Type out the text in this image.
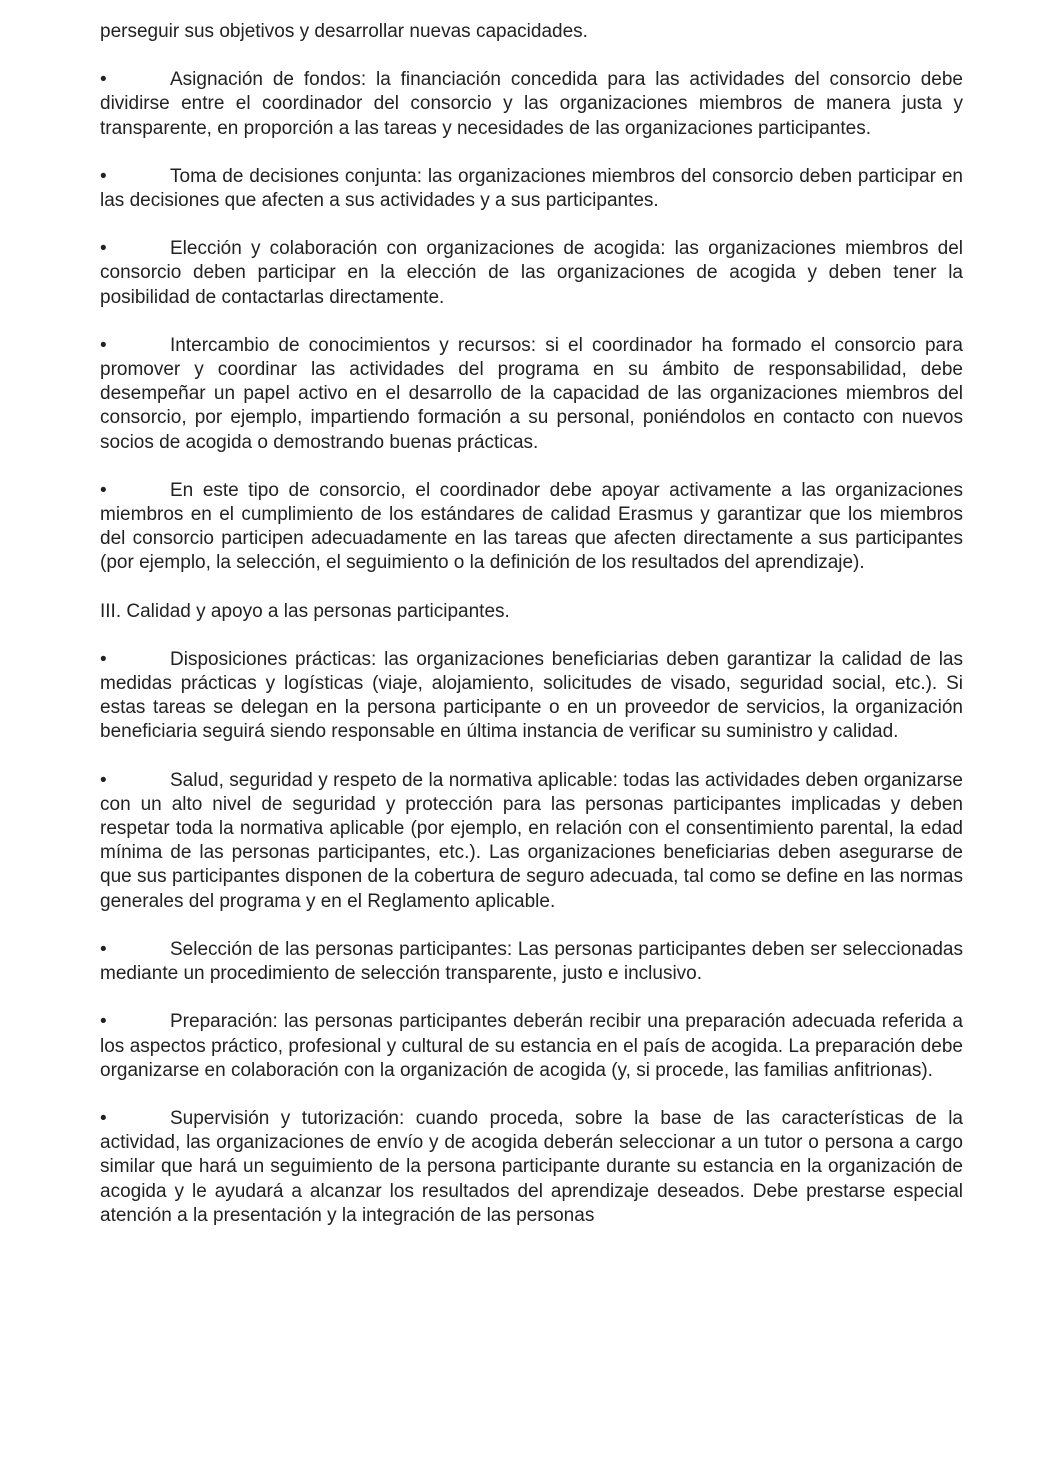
perseguir sus objetivos y desarrollar nuevas capacidades.

•	Asignación de fondos: la financiación concedida para las actividades del consorcio debe dividirse entre el coordinador del consorcio y las organizaciones miembros de manera justa y transparente, en proporción a las tareas y necesidades de las organizaciones participantes.

•	Toma de decisiones conjunta: las organizaciones miembros del consorcio deben participar en las decisiones que afecten a sus actividades y a sus participantes.

•	Elección y colaboración con organizaciones de acogida: las organizaciones miembros del consorcio deben participar en la elección de las organizaciones de acogida y deben tener la posibilidad de contactarlas directamente.

•	Intercambio de conocimientos y recursos: si el coordinador ha formado el consorcio para promover y coordinar las actividades del programa en su ámbito de responsabilidad, debe desempeñar un papel activo en el desarrollo de la capacidad de las organizaciones miembros del consorcio, por ejemplo, impartiendo formación a su personal, poniéndolos en contacto con nuevos socios de acogida o demostrando buenas prácticas.

•	En este tipo de consorcio, el coordinador debe apoyar activamente a las organizaciones miembros en el cumplimiento de los estándares de calidad Erasmus y garantizar que los miembros del consorcio participen adecuadamente en las tareas que afecten directamente a sus participantes (por ejemplo, la selección, el seguimiento o la definición de los resultados del aprendizaje).

III. Calidad y apoyo a las personas participantes.

•	Disposiciones prácticas: las organizaciones beneficiarias deben garantizar la calidad de las medidas prácticas y logísticas (viaje, alojamiento, solicitudes de visado, seguridad social, etc.). Si estas tareas se delegan en la persona participante o en un proveedor de servicios, la organización beneficiaria seguirá siendo responsable en última instancia de verificar su suministro y calidad.

•	Salud, seguridad y respeto de la normativa aplicable: todas las actividades deben organizarse con un alto nivel de seguridad y protección para las personas participantes implicadas y deben respetar toda la normativa aplicable (por ejemplo, en relación con el consentimiento parental, la edad mínima de las personas participantes, etc.). Las organizaciones beneficiarias deben asegurarse de que sus participantes disponen de la cobertura de seguro adecuada, tal como se define en las normas generales del programa y en el Reglamento aplicable.

•	Selección de las personas participantes: Las personas participantes deben ser seleccionadas mediante un procedimiento de selección transparente, justo e inclusivo.

•	Preparación: las personas participantes deberán recibir una preparación adecuada referida a los aspectos práctico, profesional y cultural de su estancia en el país de acogida. La preparación debe organizarse en colaboración con la organización de acogida (y, si procede, las familias anfitrionas).

•	Supervisión y tutorización: cuando proceda, sobre la base de las características de la actividad, las organizaciones de envío y de acogida deberán seleccionar a un tutor o persona a cargo similar que hará un seguimiento de la persona participante durante su estancia en la organización de acogida y le ayudará a alcanzar los resultados del aprendizaje deseados. Debe prestarse especial atención a la presentación y la integración de las personas
